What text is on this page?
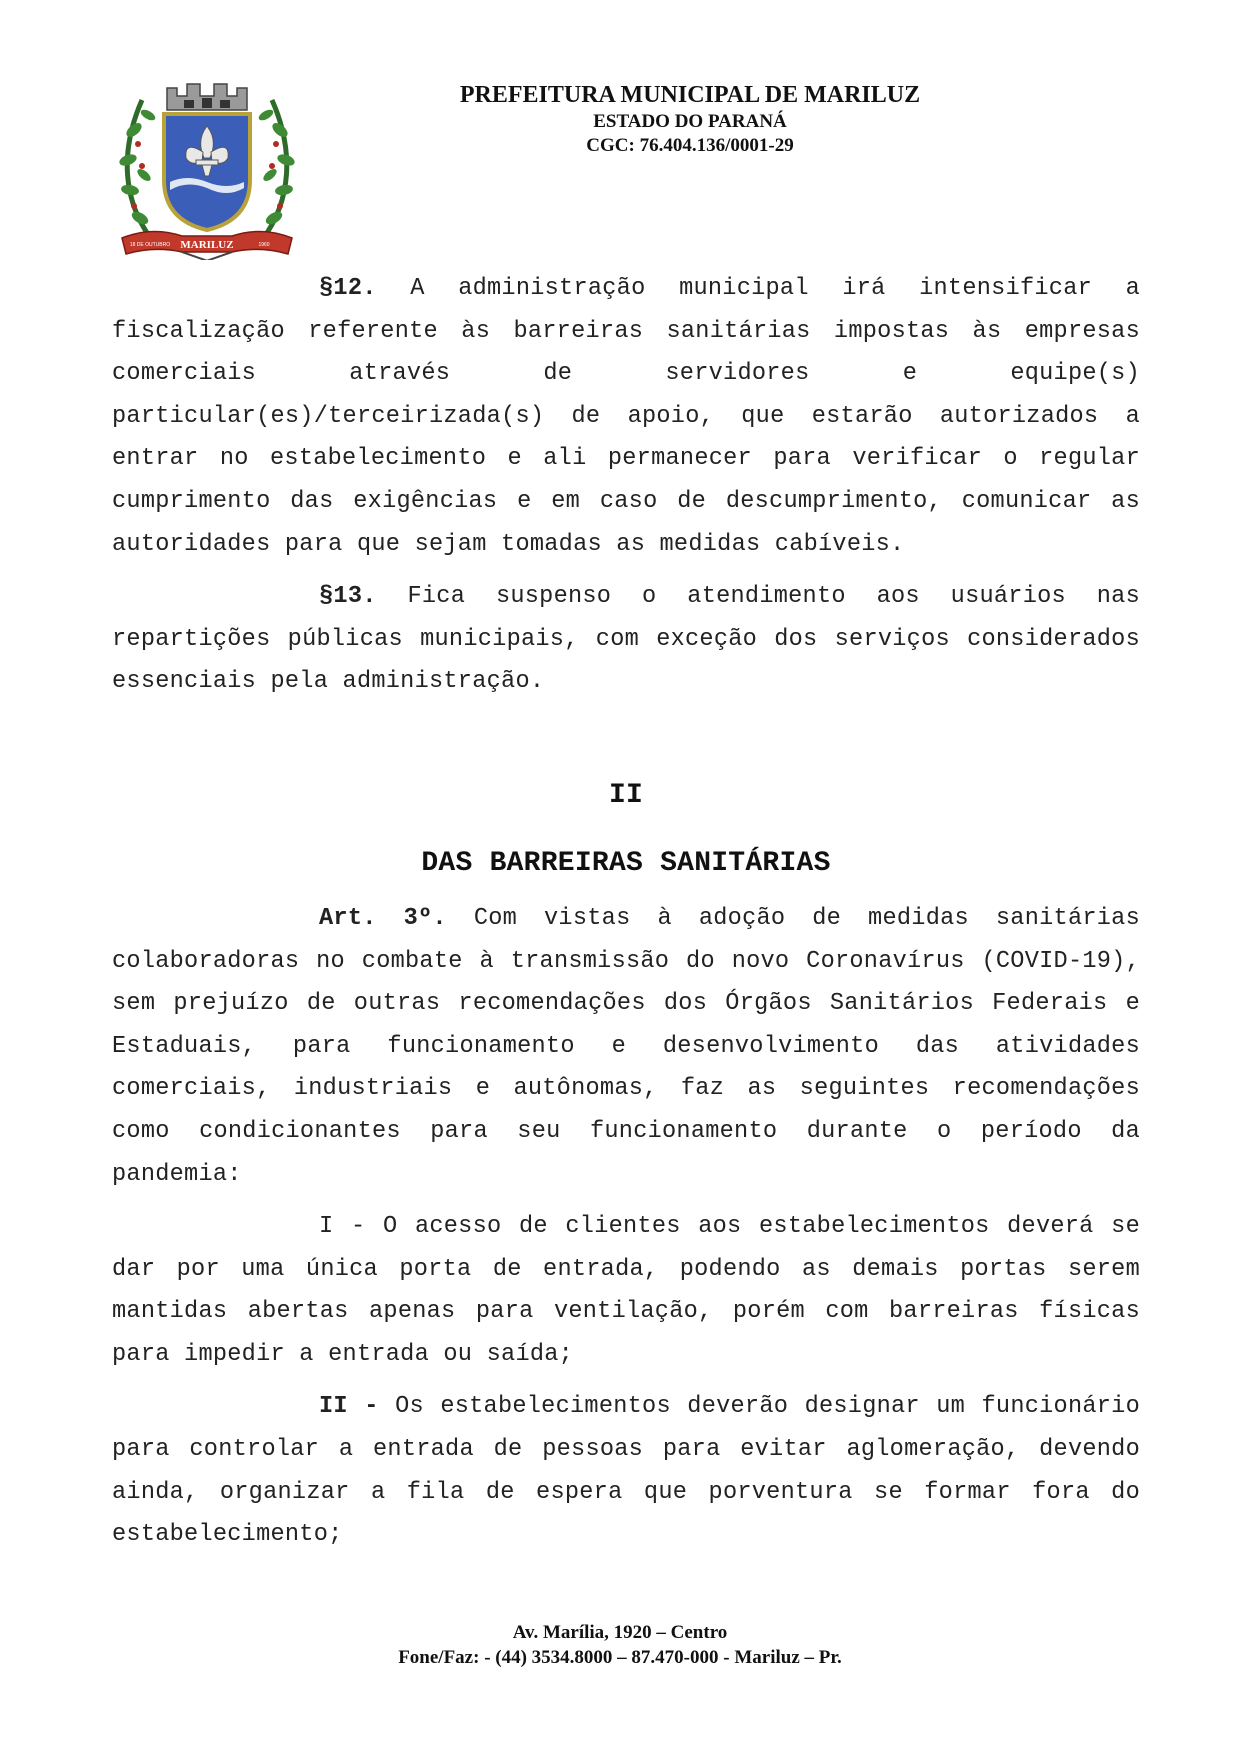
MARILUZ
18 DE OUTUBRO	1960
PREFEITURA MUNICIPAL DE MARILUZ
ESTADO DO PARANÁ
CGC: 76.404.136/0001-29

§12. A administração municipal irá intensificar a fiscalização referente às barreiras sanitárias impostas às empresas comerciais através de servidores e equipe(s) particular(es)/terceirizada(s) de apoio, que estarão autorizados a entrar no estabelecimento e ali permanecer para verificar o regular cumprimento das exigências e em caso de descumprimento, comunicar as autoridades para que sejam tomadas as medidas cabíveis.

§13. Fica suspenso o atendimento aos usuários nas repartições públicas municipais, com exceção dos serviços considerados essenciais pela administração.

II

DAS BARREIRAS SANITÁRIAS

Art. 3º. Com vistas à adoção de medidas sanitárias colaboradoras no combate à transmissão do novo Coronavírus (COVID-19), sem prejuízo de outras recomendações dos Órgãos Sanitários Federais e Estaduais, para funcionamento e desenvolvimento das atividades comerciais, industriais e autônomas, faz as seguintes recomendações como condicionantes para seu funcionamento durante o período da pandemia:

I - O acesso de clientes aos estabelecimentos deverá se dar por uma única porta de entrada, podendo as demais portas serem mantidas abertas apenas para ventilação, porém com barreiras físicas para impedir a entrada ou saída;

II - Os estabelecimentos deverão designar um funcionário para controlar a entrada de pessoas para evitar aglomeração, devendo ainda, organizar a fila de espera que porventura se formar fora do estabelecimento;

Av. Marília, 1920 – Centro
Fone/Faz: - (44) 3534.8000 – 87.470-000 - Mariluz – Pr.
